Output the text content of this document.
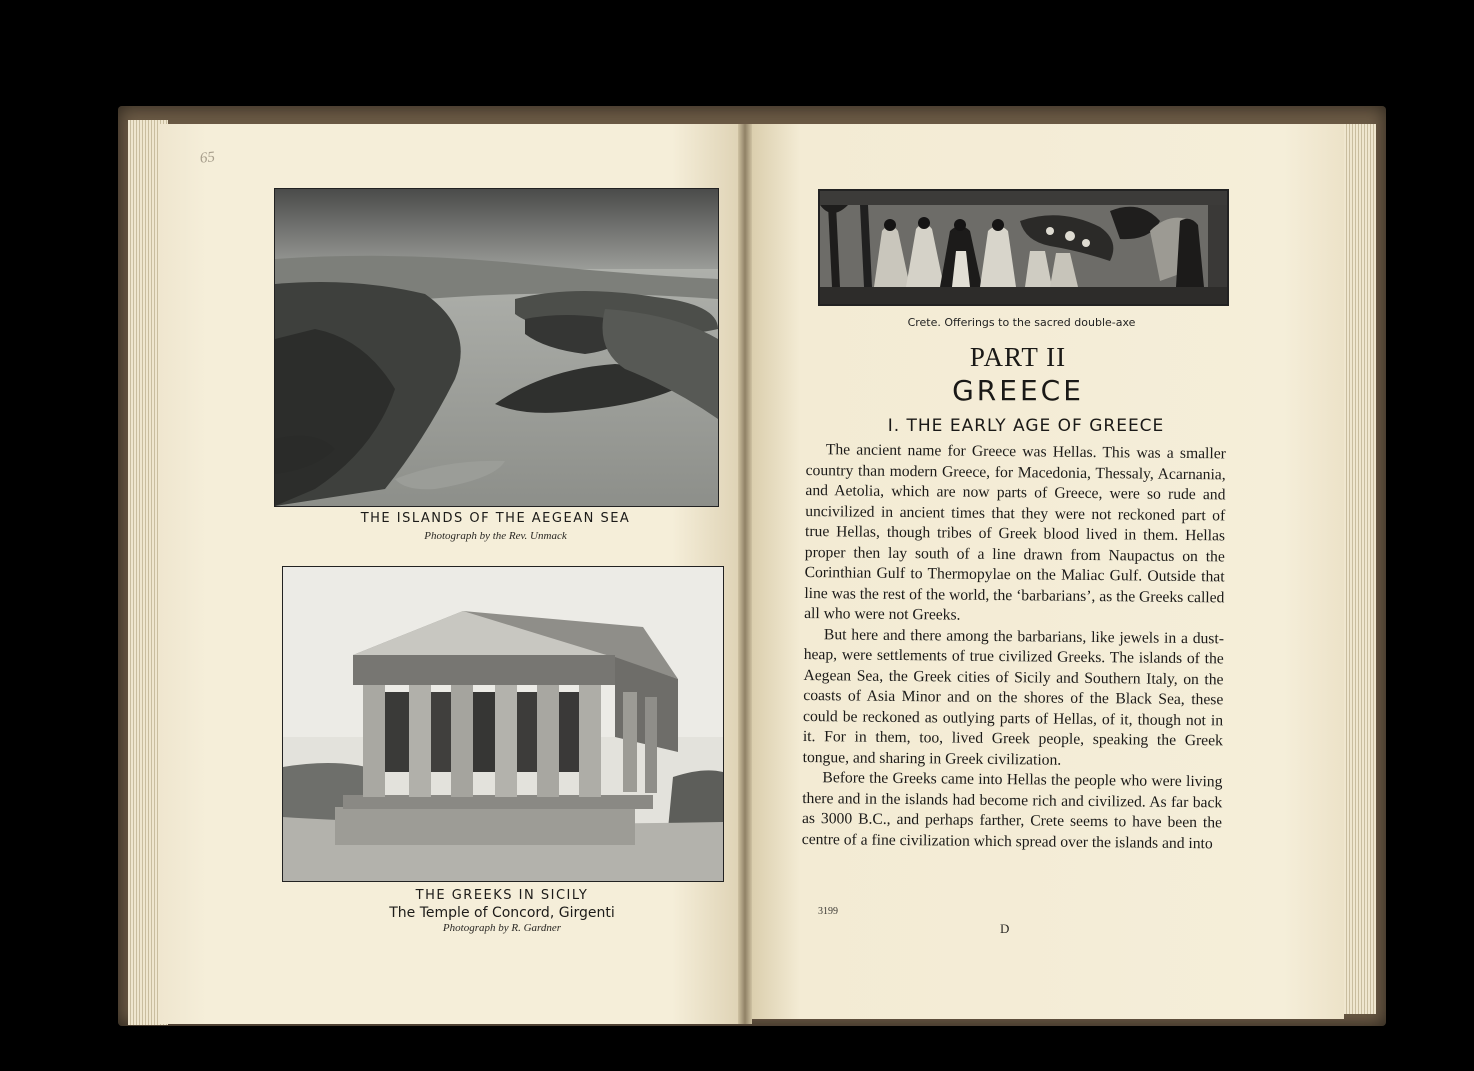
65
THE ISLANDS OF THE AEGEAN SEA
Photograph by the Rev. Unmack
THE GREEKS IN SICILY
The Temple of Concord, Girgenti
Photograph by R. Gardner
Crete. Offerings to the sacred double-axe
PART II
GREECE
I. THE EARLY AGE OF GREECE

The ancient name for Greece was Hellas. This was a smaller country than modern Greece, for Macedonia, Thessaly, Acarnania, and Aetolia, which are now parts of Greece, were so rude and uncivilized in ancient times that they were not reckoned part of true Hellas, though tribes of Greek blood lived in them. Hellas proper then lay south of a line drawn from Naupactus on the Corinthian Gulf to Thermopylae on the Maliac Gulf. Outside that line was the rest of the world, the ‘barbarians’, as the Greeks called all who were not Greeks.

But here and there among the barbarians, like jewels in a dust-heap, were settlements of true civilized Greeks. The islands of the Aegean Sea, the Greek cities of Sicily and Southern Italy, on the coasts of Asia Minor and on the shores of the Black Sea, these could be reckoned as outlying parts of Hellas, of it, though not in it. For in them, too, lived Greek people, speaking the Greek tongue, and sharing in Greek civilization.

Before the Greeks came into Hellas the people who were living there and in the islands had become rich and civilized. As far back as 3000 B.C., and perhaps farther, Crete seems to have been the centre of a fine civilization which spread over the islands and into

3199
D
